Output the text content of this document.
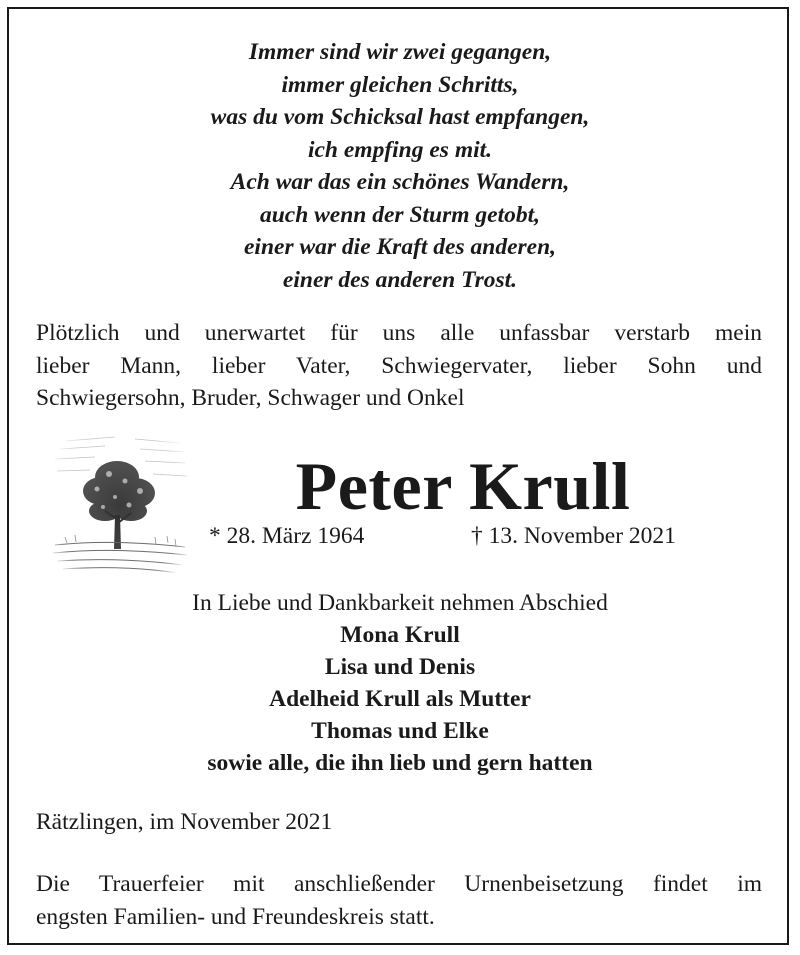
Immer sind wir zwei gegangen,
immer gleichen Schritts,
was du vom Schicksal hast empfangen,
ich empfing es mit.
Ach war das ein schönes Wandern,
auch wenn der Sturm getobt,
einer war die Kraft des anderen,
einer des anderen Trost.
Plötzlich und unerwartet für uns alle unfassbar verstarb mein
lieber Mann, lieber Vater, Schwiegervater, lieber Sohn und
Schwiegersohn, Bruder, Schwager und Onkel
Peter Krull
* 28. März 1964	† 13. November 2021
In Liebe und Dankbarkeit nehmen Abschied
Mona Krull
Lisa und Denis
Adelheid Krull als Mutter
Thomas und Elke
sowie alle, die ihn lieb und gern hatten
Rätzlingen, im November 2021
Die Trauerfeier mit anschließender Urnenbeisetzung findet im
engsten Familien- und Freundeskreis statt.
